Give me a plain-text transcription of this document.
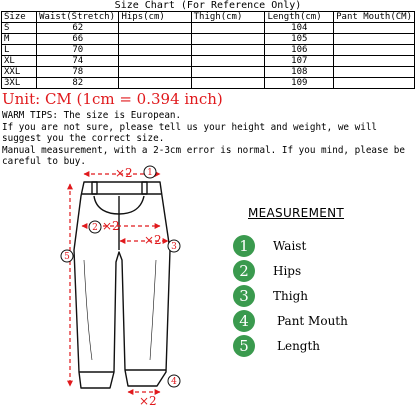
Size Chart (For Reference Only)
Size	Waist(Stretch)	Hips(cm)	Thigh(cm)	Length(cm)	Pant Mouth(CM)
S	62			104	
M	66			105	
L	70			106	
XL	74			107	
XXL	78			108	
3XL	82			109	
Unit: CM (1cm = 0.394 inch)
WARM TIPS: The size is European.
If you are not sure, please tell us your height and weight, we will suggest you the correct size.
Manual measurement, with a 2-3cm error is normal. If you mind, please be careful to buy.
×2
×2
×2
×2
1
2
3
4
5
MEASUREMENT
1	Waist
2	Hips
3	Thigh
4	Pant Mouth
5	Length
